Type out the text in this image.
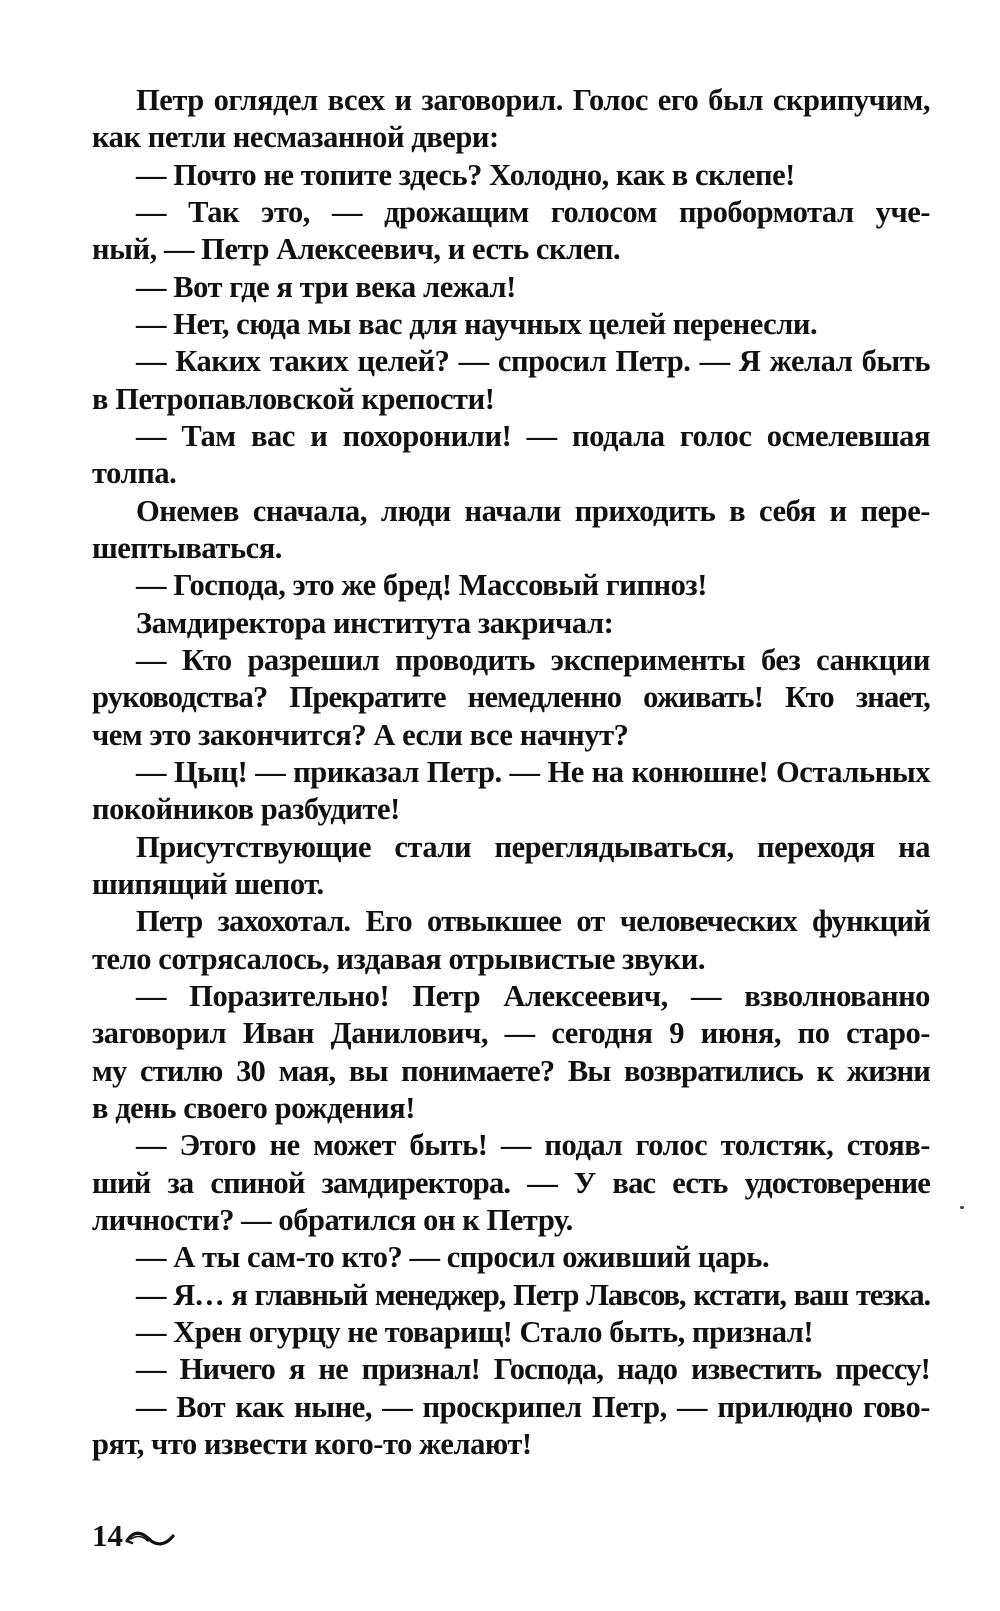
Петр оглядел всех и заговорил. Голос его был скрипучим,
как петли несмазанной двери:
— Почто не топите здесь? Холодно, как в склепе!
— Так это, — дрожащим голосом пробормотал уче-
ный, — Петр Алексеевич, и есть склеп.
— Вот где я три века лежал!
— Нет, сюда мы вас для научных целей перенесли.
— Каких таких целей? — спросил Петр. — Я желал быть
в Петропавловской крепости!
— Там вас и похоронили! — подала голос осмелевшая
толпа.
Онемев сначала, люди начали приходить в себя и пере-
шептываться.
— Господа, это же бред! Массовый гипноз!
Замдиректора института закричал:
— Кто разрешил проводить эксперименты без санкции
руководства? Прекратите немедленно оживать! Кто знает,
чем это закончится? А если все начнут?
— Цыц! — приказал Петр. — Не на конюшне! Остальных
покойников разбудите!
Присутствующие стали переглядываться, переходя на
шипящий шепот.
Петр захохотал. Его отвыкшее от человеческих функций
тело сотрясалось, издавая отрывистые звуки.
— Поразительно! Петр Алексеевич, — взволнованно
заговорил Иван Данилович, — сегодня 9 июня, по старо-
му стилю 30 мая, вы понимаете? Вы возвратились к жизни
в день своего рождения!
— Этого не может быть! — подал голос толстяк, стояв-
ший за спиной замдиректора. — У вас есть удостоверение
личности? — обратился он к Петру.
— А ты сам-то кто? — спросил оживший царь.
— Я… я главный менеджер, Петр Лавсов, кстати, ваш тезка.
— Хрен огурцу не товарищ! Стало быть, признал!
— Ничего я не признал! Господа, надо известить прессу!
— Вот как ныне, — проскрипел Петр, — прилюдно гово-
рят, что извести кого-то желают!
14
